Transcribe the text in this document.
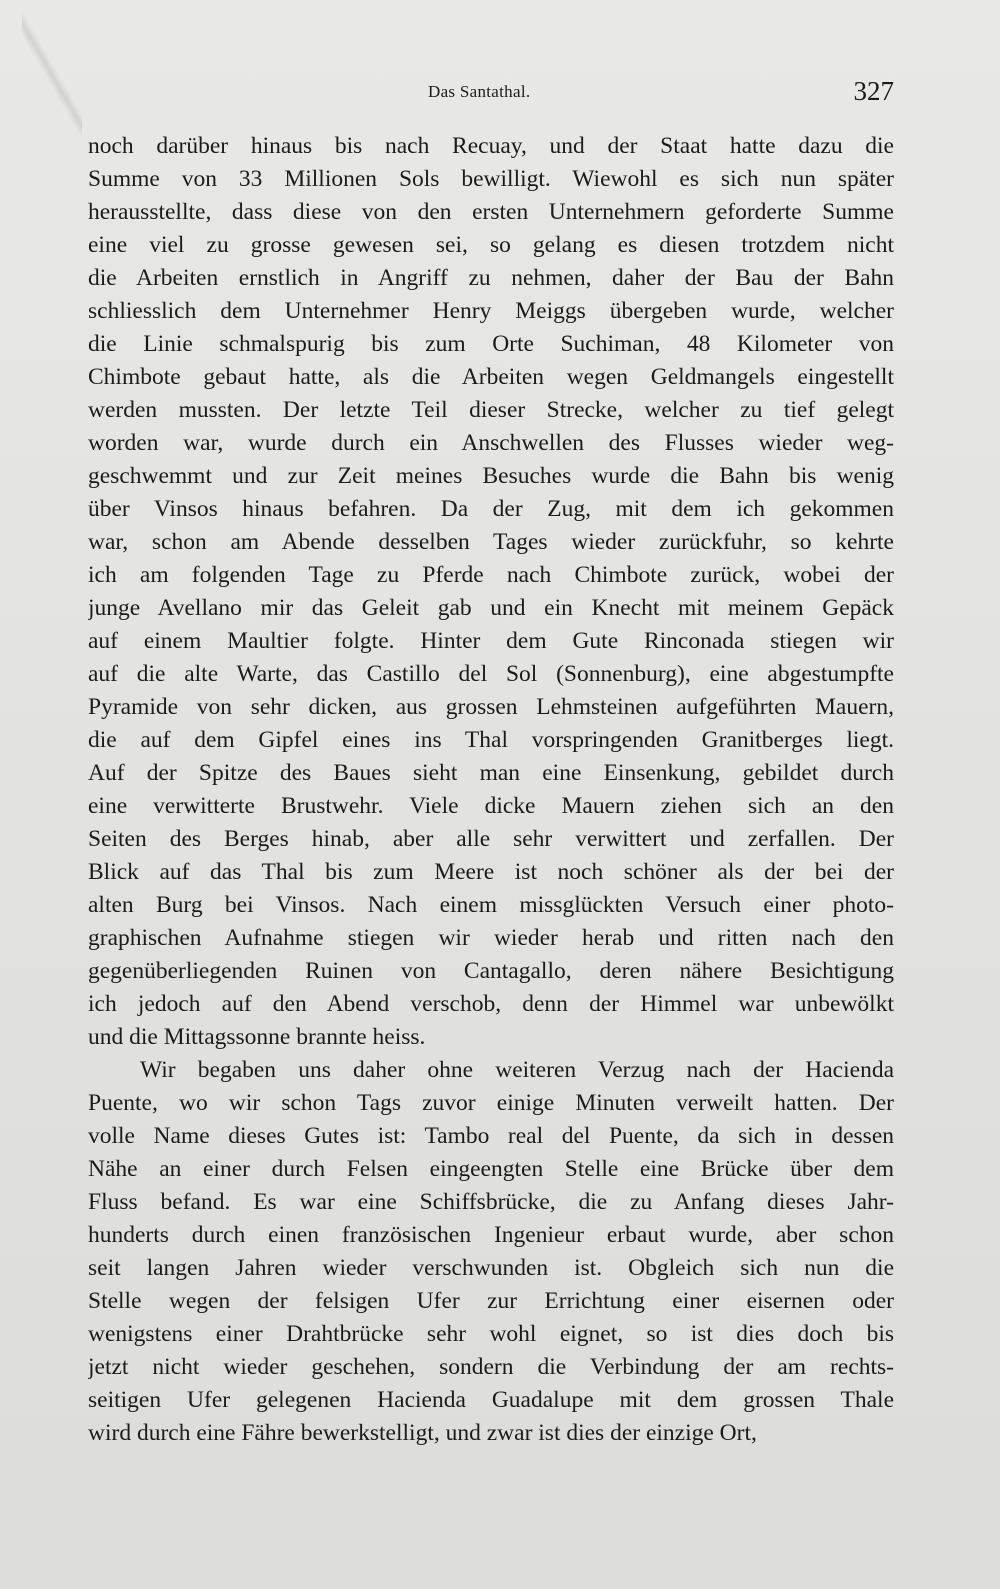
Das Santathal.	327
noch darüber hinaus bis nach Recuay, und der Staat hatte dazu die
Summe von 33 Millionen Sols bewilligt. Wiewohl es sich nun später
herausstellte, dass diese von den ersten Unternehmern geforderte Summe
eine viel zu grosse gewesen sei, so gelang es diesen trotzdem nicht
die Arbeiten ernstlich in Angriff zu nehmen, daher der Bau der Bahn
schliesslich dem Unternehmer Henry Meiggs übergeben wurde, welcher
die Linie schmalspurig bis zum Orte Suchiman, 48 Kilometer von
Chimbote gebaut hatte, als die Arbeiten wegen Geldmangels eingestellt
werden mussten. Der letzte Teil dieser Strecke, welcher zu tief gelegt
worden war, wurde durch ein Anschwellen des Flusses wieder weg-
geschwemmt und zur Zeit meines Besuches wurde die Bahn bis wenig
über Vinsos hinaus befahren. Da der Zug, mit dem ich gekommen
war, schon am Abende desselben Tages wieder zurückfuhr, so kehrte
ich am folgenden Tage zu Pferde nach Chimbote zurück, wobei der
junge Avellano mir das Geleit gab und ein Knecht mit meinem Gepäck
auf einem Maultier folgte. Hinter dem Gute Rinconada stiegen wir
auf die alte Warte, das Castillo del Sol (Sonnenburg), eine abgestumpfte
Pyramide von sehr dicken, aus grossen Lehmsteinen aufgeführten Mauern,
die auf dem Gipfel eines ins Thal vorspringenden Granitberges liegt.
Auf der Spitze des Baues sieht man eine Einsenkung, gebildet durch
eine verwitterte Brustwehr. Viele dicke Mauern ziehen sich an den
Seiten des Berges hinab, aber alle sehr verwittert und zerfallen. Der
Blick auf das Thal bis zum Meere ist noch schöner als der bei der
alten Burg bei Vinsos. Nach einem missglückten Versuch einer photo-
graphischen Aufnahme stiegen wir wieder herab und ritten nach den
gegenüberliegenden Ruinen von Cantagallo, deren nähere Besichtigung
ich jedoch auf den Abend verschob, denn der Himmel war unbewölkt
und die Mittagssonne brannte heiss.
Wir begaben uns daher ohne weiteren Verzug nach der Hacienda
Puente, wo wir schon Tags zuvor einige Minuten verweilt hatten. Der
volle Name dieses Gutes ist: Tambo real del Puente, da sich in dessen
Nähe an einer durch Felsen eingeengten Stelle eine Brücke über dem
Fluss befand. Es war eine Schiffsbrücke, die zu Anfang dieses Jahr-
hunderts durch einen französischen Ingenieur erbaut wurde, aber schon
seit langen Jahren wieder verschwunden ist. Obgleich sich nun die
Stelle wegen der felsigen Ufer zur Errichtung einer eisernen oder
wenigstens einer Drahtbrücke sehr wohl eignet, so ist dies doch bis
jetzt nicht wieder geschehen, sondern die Verbindung der am rechts-
seitigen Ufer gelegenen Hacienda Guadalupe mit dem grossen Thale
wird durch eine Fähre bewerkstelligt, und zwar ist dies der einzige Ort,
